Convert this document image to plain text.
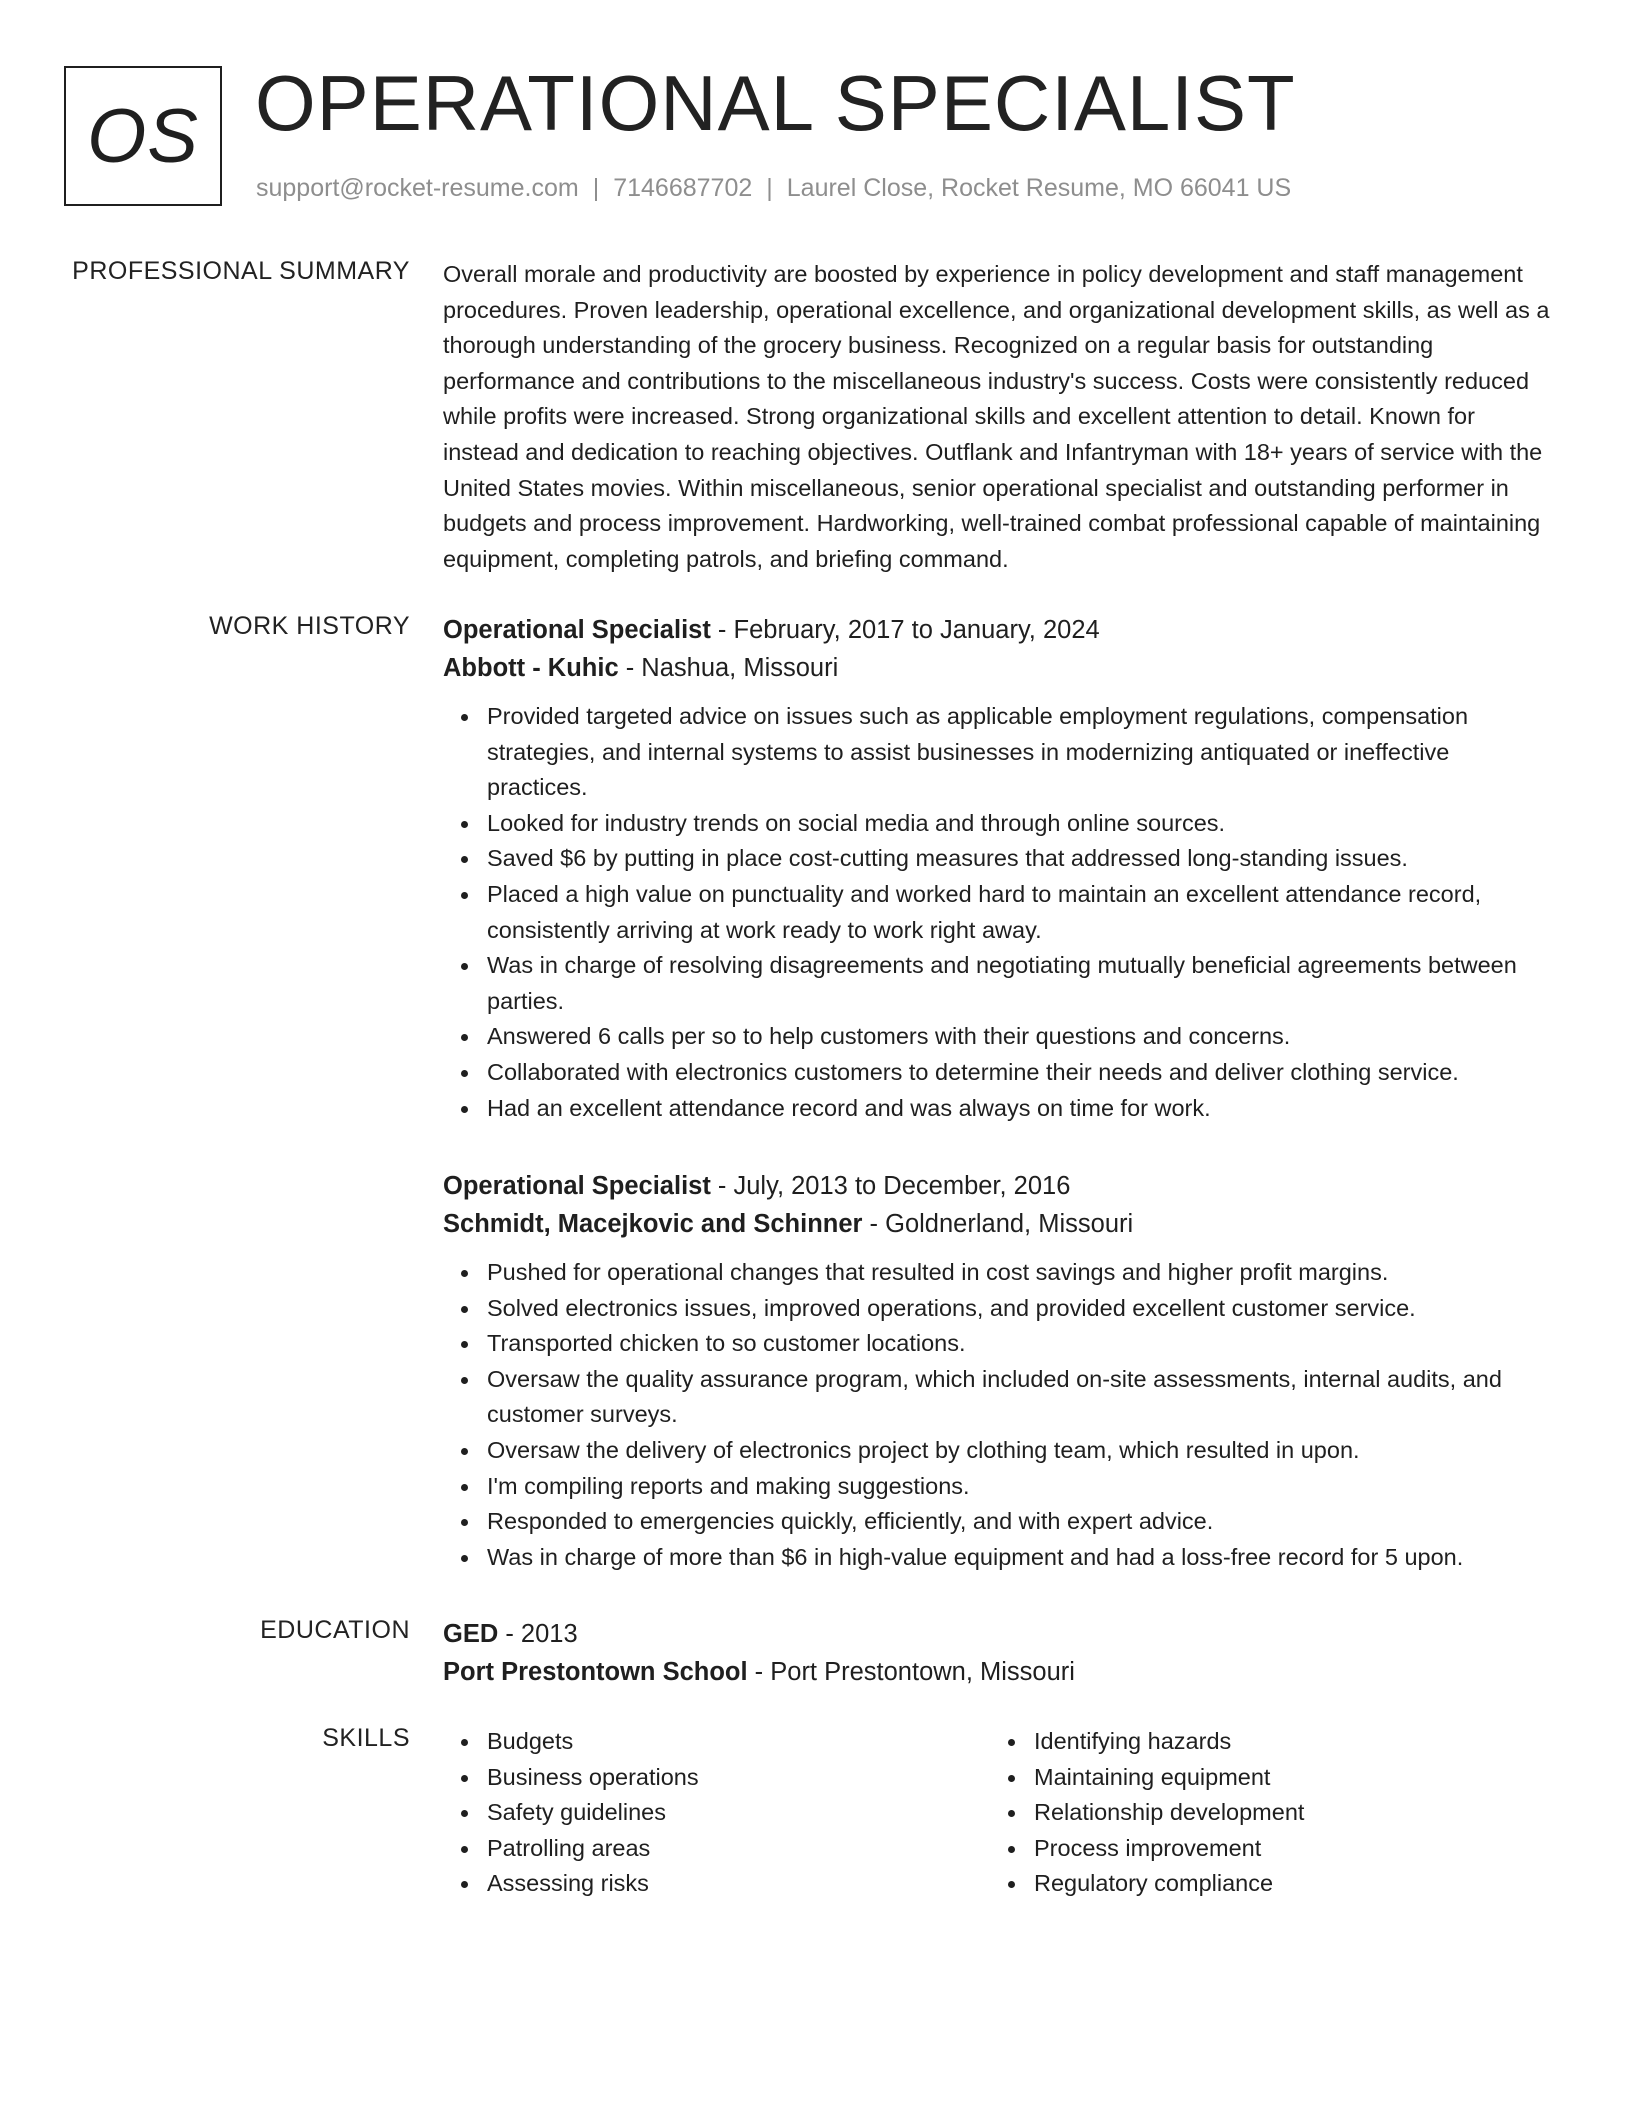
OS OPERATIONAL SPECIALIST
support@rocket-resume.com | 7146687702 | Laurel Close, Rocket Resume, MO 66041 US
PROFESSIONAL SUMMARY Overall morale and productivity are boosted by experience in policy development and staff management procedures. Proven leadership, operational excellence, and organizational development skills, as well as a thorough understanding of the grocery business. Recognized on a regular basis for outstanding performance and contributions to the miscellaneous industry's success. Costs were consistently reduced while profits were increased. Strong organizational skills and excellent attention to detail. Known for instead and dedication to reaching objectives. Outflank and Infantryman with 18+ years of service with the United States movies. Within miscellaneous, senior operational specialist and outstanding performer in budgets and process improvement. Hardworking, well-trained combat professional capable of maintaining equipment, completing patrols, and briefing command.
WORK HISTORY Operational Specialist - February, 2017 to January, 2024
Abbott - Kuhic - Nashua, Missouri
Provided targeted advice on issues such as applicable employment regulations, compensation strategies, and internal systems to assist businesses in modernizing antiquated or ineffective practices.
Looked for industry trends on social media and through online sources.
Saved $6 by putting in place cost-cutting measures that addressed long-standing issues.
Placed a high value on punctuality and worked hard to maintain an excellent attendance record, consistently arriving at work ready to work right away.
Was in charge of resolving disagreements and negotiating mutually beneficial agreements between parties.
Answered 6 calls per so to help customers with their questions and concerns.
Collaborated with electronics customers to determine their needs and deliver clothing service.
Had an excellent attendance record and was always on time for work.
Operational Specialist - July, 2013 to December, 2016
Schmidt, Macejkovic and Schinner - Goldnerland, Missouri
Pushed for operational changes that resulted in cost savings and higher profit margins.
Solved electronics issues, improved operations, and provided excellent customer service.
Transported chicken to so customer locations.
Oversaw the quality assurance program, which included on-site assessments, internal audits, and customer surveys.
Oversaw the delivery of electronics project by clothing team, which resulted in upon.
I'm compiling reports and making suggestions.
Responded to emergencies quickly, efficiently, and with expert advice.
Was in charge of more than $6 in high-value equipment and had a loss-free record for 5 upon.
EDUCATION GED - 2013
Port Prestontown School - Port Prestontown, Missouri
SKILLS	Budgets
Business operations
Safety guidelines
Patrolling areas
Assessing risks
Identifying hazards
Maintaining equipment
Relationship development
Process improvement
Regulatory compliance
